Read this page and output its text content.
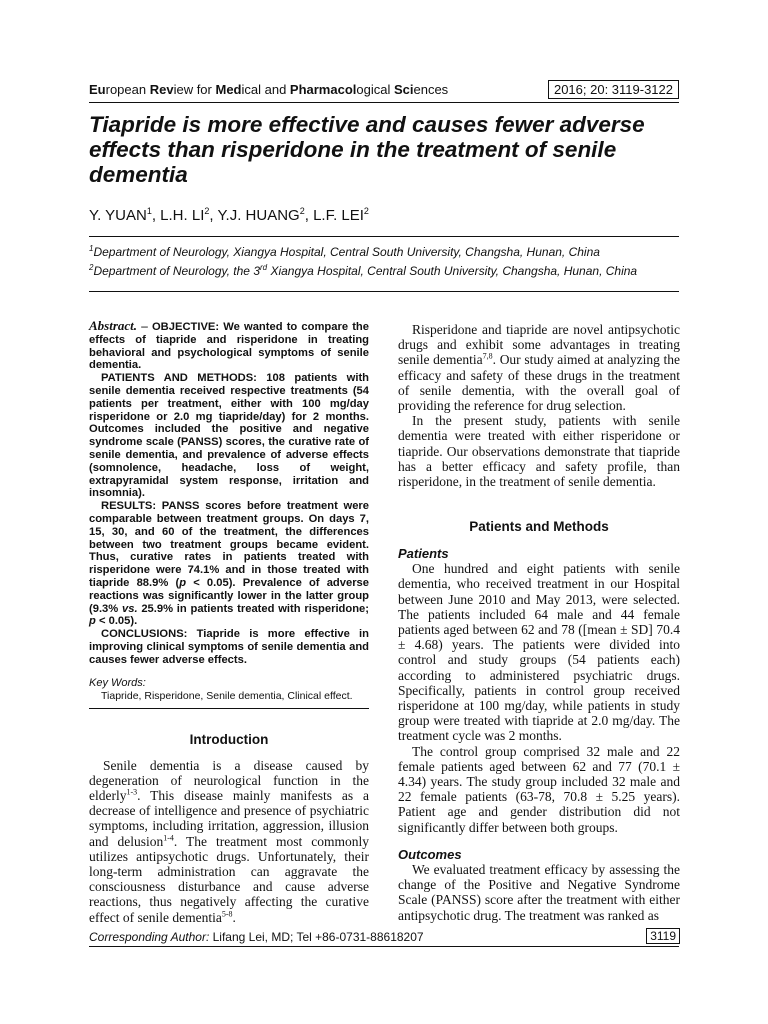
European Review for Medical and Pharmacological Sciences	2016; 20: 3119-3122
Tiapride is more effective and causes fewer adverse effects than risperidone in the treatment of senile dementia

Y. YUAN$^1$, L.H. $LI^2$, Y.J. HUANG$^2$, L.F. LEI$^2$

$^1$Department of Neurology, Xiangya Hospital, Central South University, Changsha, Hunan, China

$^2$Department of Neurology, the 3rd Xiangya Hospital, Central South University, Changsha, Hunan, China

Abstract. – OBJECTIVE: We wanted to compare the effects of tiapride and risperidone in treating behavioral and psychological symptoms of senile dementia.

PATIENTS AND METHODS: 108 patients with senile dementia received respective treatments (54 patients per treatment, either with 100 mg/day risperidone or 2.0 mg tiapride/day) for 2 months. Outcomes included the positive and negative syndrome scale (PANSS) scores, the curative rate of senile dementia, and prevalence of adverse effects (somnolence, headache, loss of weight, extrapyramidal system response, irritation and insomnia).

RESULTS: PANSS scores before treatment were comparable between treatment groups. On days 7, 15, 30, and 60 of the treatment, the differences between two treatment groups became evident. Thus, curative rates in patients treated with risperidone were 74.1% and in those treated with tiapride 88.9% (p < 0.05). Prevalence of adverse reactions was significantly lower in the latter group (9.3% vs. 25.9% in patients treated with risperidone; p < 0.05).

CONCLUSIONS: Tiapride is more effective in improving clinical symptoms of senile dementia and causes fewer adverse effects.

Key Words:
Tiapride, Risperidone, Senile dementia, Clinical effect.
Introduction

Senile dementia is a disease caused by degeneration of neurological function in the elderly$^{1-3}$. This disease mainly manifests as a decrease of intelligence and presence of psychiatric symptoms, including irritation, aggression, illusion and delusion$^{1-4}$. The treatment most commonly utilizes antipsychotic drugs. Unfortunately, their long-term administration can aggravate the consciousness disturbance and cause adverse reactions, thus negatively affecting the curative effect of senile dementia$^{5-8}$.

Risperidone and tiapride are novel antipsychotic drugs and exhibit some advantages in treating senile dementia$^{7,8}$. Our study aimed at analyzing the efficacy and safety of these drugs in the treatment of senile dementia, with the overall goal of providing the reference for drug selection.

In the present study, patients with senile dementia were treated with either risperidone or tiapride. Our observations demonstrate that tiapride has a better efficacy and safety profile, than risperidone, in the treatment of senile dementia.

Patients and Methods
Patients

One hundred and eight patients with senile dementia, who received treatment in our Hospital between June 2010 and May 2013, were selected. The patients included 64 male and 44 female patients aged between 62 and 78 ([mean ± SD] 70.4 ± 4.68) years. The patients were divided into control and study groups (54 patients each) according to administered psychiatric drugs. Specifically, patients in control group received risperidone at 100 mg/day, while patients in study group were treated with tiapride at 2.0 mg/day. The treatment cycle was 2 months.

The control group comprised 32 male and 22 female patients aged between 62 and 77 (70.1 ± 4.34) years. The study group included 32 male and 22 female patients (63-78, 70.8 ± 5.25 years). Patient age and gender distribution did not significantly differ between both groups.

Outcomes

We evaluated treatment efficacy by assessing the change of the Positive and Negative Syndrome Scale (PANSS) score after the treatment with either antipsychotic drug. The treatment was ranked as

Corresponding Author: Lifang Lei, MD; Tel +86-0731-88618207	3119
